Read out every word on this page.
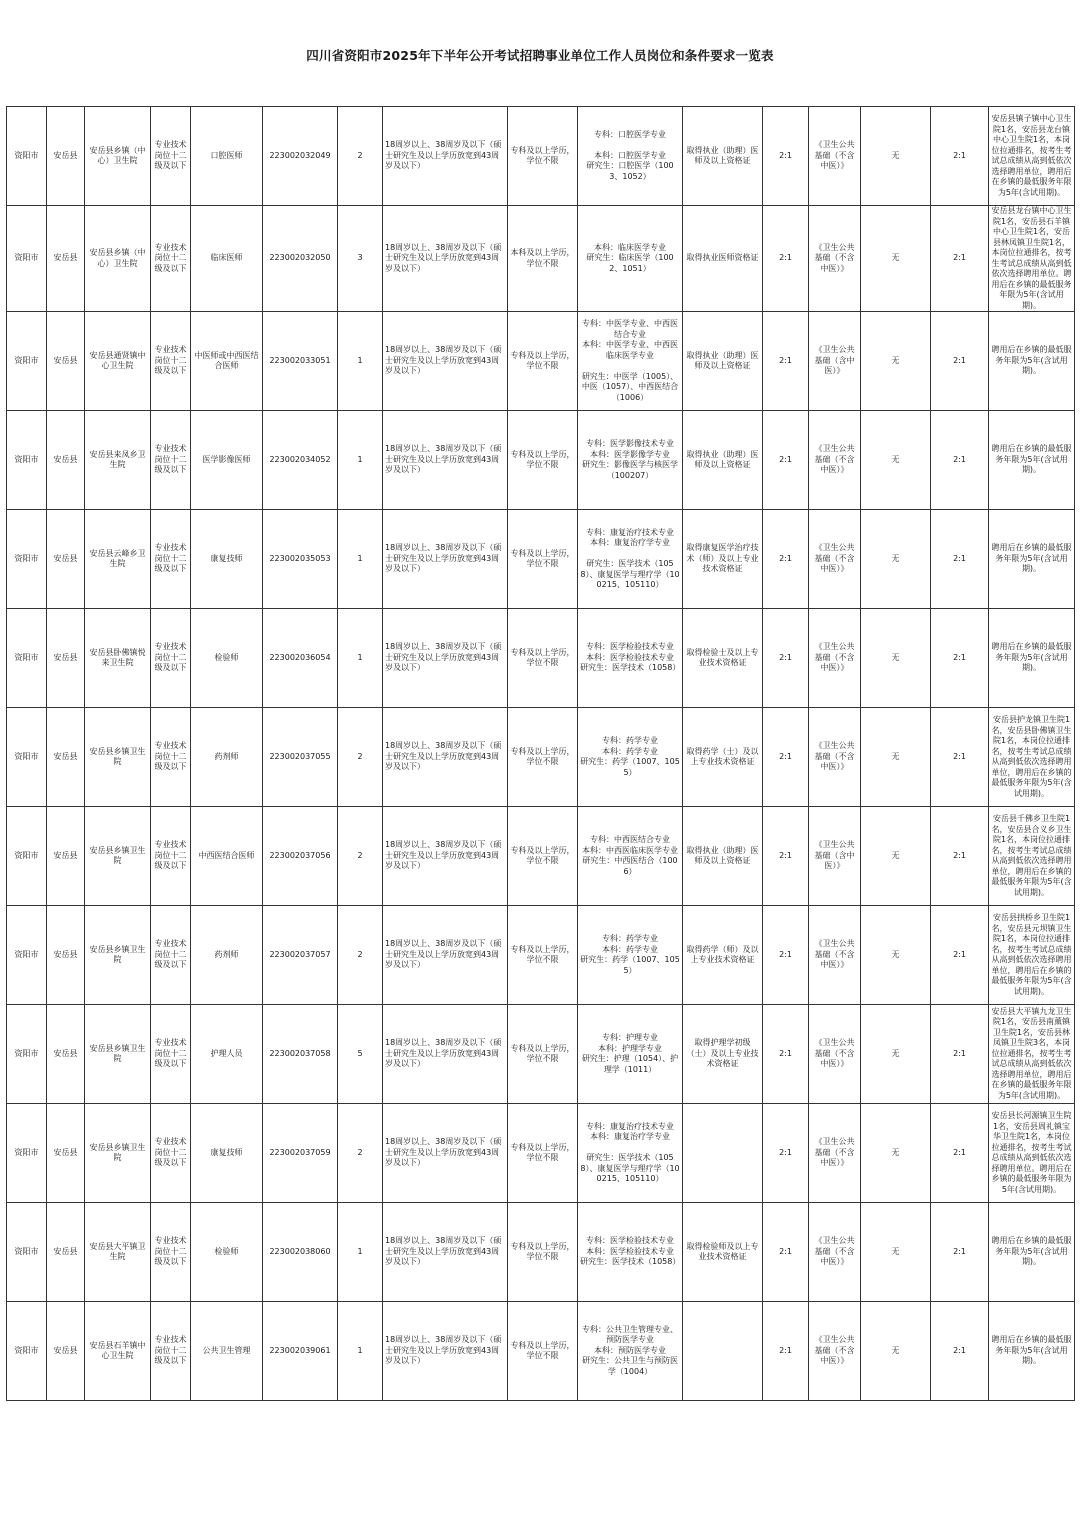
四川省资阳市2025年下半年公开考试招聘事业单位工作人员岗位和条件要求一览表
资阳市	安岳县	安岳县乡镇（中心）卫生院	专业技术岗位十二级及以下	口腔医师	223002032049	2	18周岁以上、38周岁及以下（硕士研究生及以上学历放宽到43周岁及以下）	专科及以上学历，学位不限	专科：口腔医学专业

本科：口腔医学专业
研究生：口腔医学（1003、1052）	取得执业（助理）医师及以上资格证	2:1	《卫生公共基础（不含中医）》	无	2:1	安岳县镇子镇中心卫生院1名，安岳县龙台镇中心卫生院1名，本岗位拉通排名，按考生考试总成绩从高到低依次选择聘用单位，聘用后在乡镇的最低服务年限为5年(含试用期)。
资阳市	安岳县	安岳县乡镇（中心）卫生院	专业技术岗位十二级及以下	临床医师	223002032050	3	18周岁以上、38周岁及以下（硕士研究生及以上学历放宽到43周岁及以下）	本科及以上学历，学位不限	本科：临床医学专业
研究生：临床医学（1002、1051）	取得执业医师资格证	2:1	《卫生公共基础（不含中医）》	无	2:1	安岳县龙台镇中心卫生院1名，安岳县石羊镇中心卫生院1名，安岳县林凤镇卫生院1名，本岗位拉通排名，按考生考试总成绩从高到低依次选择聘用单位。聘用后在乡镇的最低服务年限为5年(含试用期)。
资阳市	安岳县	安岳县通贤镇中心卫生院	专业技术岗位十二级及以下	中医师或中西医结合医师	223002033051	1	18周岁以上、38周岁及以下（硕士研究生及以上学历放宽到43周岁及以下）	专科及以上学历，学位不限	专科：中医学专业、中西医结合专业
本科：中医学专业、中西医临床医学专业

研究生：中医学（1005）、中医（1057）、中西医结合（1006）	取得执业（助理）医师及以上资格证	2:1	《卫生公共基础（含中医）》	无	2:1	聘用后在乡镇的最低服务年限为5年(含试用期)。
资阳市	安岳县	安岳县来凤乡卫生院	专业技术岗位十二级及以下	医学影像医师	223002034052	1	18周岁以上、38周岁及以下（硕士研究生及以上学历放宽到43周岁及以下）	专科及以上学历，学位不限	专科：医学影像技术专业
本科：医学影像学专业
研究生：影像医学与核医学（100207）	取得执业（助理）医师及以上资格证	2:1	《卫生公共基础（不含中医）》	无	2:1	聘用后在乡镇的最低服务年限为5年(含试用期)。
资阳市	安岳县	安岳县云峰乡卫生院	专业技术岗位十二级及以下	康复技师	223002035053	1	18周岁以上、38周岁及以下（硕士研究生及以上学历放宽到43周岁及以下）	专科及以上学历，学位不限	专科：康复治疗技术专业
本科：康复治疗学专业

研究生：医学技术（1058）、康复医学与理疗学（100215、105110）	取得康复医学治疗技术（师）及以上专业技术资格证	2:1	《卫生公共基础（不含中医）》	无	2:1	聘用后在乡镇的最低服务年限为5年(含试用期)。
资阳市	安岳县	安岳县卧佛镇悦来卫生院	专业技术岗位十二级及以下	检验师	223002036054	1	18周岁以上、38周岁及以下（硕士研究生及以上学历放宽到43周岁及以下）	专科及以上学历，学位不限	专科：医学检验技术专业
本科：医学检验技术专业
研究生：医学技术（1058）	取得检验士及以上专业技术资格证	2:1	《卫生公共基础（不含中医）》	无	2:1	聘用后在乡镇的最低服务年限为5年(含试用期)。
资阳市	安岳县	安岳县乡镇卫生院	专业技术岗位十二级及以下	药剂师	223002037055	2	18周岁以上、38周岁及以下（硕士研究生及以上学历放宽到43周岁及以下）	专科及以上学历，学位不限	专科：药学专业
本科：药学专业
研究生：药学（1007、1055）	取得药学（士）及以上专业技术资格证	2:1	《卫生公共基础（不含中医）》	无	2:1	安岳县护龙镇卫生院1名，安岳县卧佛镇卫生院1名，本岗位拉通排名，按考生考试总成绩从高到低依次选择聘用单位，聘用后在乡镇的最低服务年限为5年(含试用期)。
资阳市	安岳县	安岳县乡镇卫生院	专业技术岗位十二级及以下	中西医结合医师	223002037056	2	18周岁以上、38周岁及以下（硕士研究生及以上学历放宽到43周岁及以下）	专科及以上学历，学位不限	专科：中西医结合专业
本科：中西医临床医学专业
研究生：中西医结合（1006）	取得执业（助理）医师及以上资格证	2:1	《卫生公共基础（含中医）》	无	2:1	安岳县千佛乡卫生院1名，安岳县合义乡卫生院1名，本岗位拉通排名，按考生考试总成绩从高到低依次选择聘用单位，聘用后在乡镇的最低服务年限为5年(含试用期)。
资阳市	安岳县	安岳县乡镇卫生院	专业技术岗位十二级及以下	药剂师	223002037057	2	18周岁以上、38周岁及以下（硕士研究生及以上学历放宽到43周岁及以下）	专科及以上学历，学位不限	专科：药学专业
本科：药学专业
研究生：药学（1007、1055）	取得药学（师）及以上专业技术资格证	2:1	《卫生公共基础（不含中医）》	无	2:1	安岳县拱桥乡卫生院1名，安岳县元坝镇卫生院1名，本岗位拉通排名，按考生考试总成绩从高到低依次选择聘用单位，聘用后在乡镇的最低服务年限为5年(含试用期)。
资阳市	安岳县	安岳县乡镇卫生院	专业技术岗位十二级及以下	护理人员	223002037058	5	18周岁以上、38周岁及以下（硕士研究生及以上学历放宽到43周岁及以下）	专科及以上学历，学位不限	专科：护理专业
本科：护理学专业
研究生：护理（1054）、护理学（1011）	取得护理学初级（士）及以上专业技术资格证	2:1	《卫生公共基础（不含中医）》	无	2:1	安岳县大平镇九龙卫生院1名，安岳县南薰镇卫生院1名，安岳县林凤镇卫生院3名，本岗位拉通排名，按考生考试总成绩从高到低依次选择聘用单位，聘用后在乡镇的最低服务年限为5年(含试用期)。
资阳市	安岳县	安岳县乡镇卫生院	专业技术岗位十二级及以下	康复技师	223002037059	2	18周岁以上、38周岁及以下（硕士研究生及以上学历放宽到43周岁及以下）	专科及以上学历，学位不限	专科：康复治疗技术专业
本科：康复治疗学专业

研究生：医学技术（1058）、康复医学与理疗学（100215、105110）		2:1	《卫生公共基础（不含中医）》	无	2:1	安岳县长河源镇卫生院1名，安岳县周礼镇宝华卫生院1名，本岗位拉通排名，按考生考试总成绩从高到低依次选择聘用单位。聘用后在乡镇的最低服务年限为5年(含试用期)。
资阳市	安岳县	安岳县大平镇卫生院	专业技术岗位十二级及以下	检验师	223002038060	1	18周岁以上、38周岁及以下（硕士研究生及以上学历放宽到43周岁及以下）	专科及以上学历，学位不限	专科：医学检验技术专业
本科：医学检验技术专业
研究生：医学技术（1058）	取得检验师及以上专业技术资格证	2:1	《卫生公共基础（不含中医）》	无	2:1	聘用后在乡镇的最低服务年限为5年(含试用期)。
资阳市	安岳县	安岳县石羊镇中心卫生院	专业技术岗位十二级及以下	公共卫生管理	223002039061	1	18周岁以上、38周岁及以下（硕士研究生及以上学历放宽到43周岁及以下）	专科及以上学历，学位不限	专科：公共卫生管理专业、预防医学专业
本科：预防医学专业
研究生：公共卫生与预防医学（1004）		2:1	《卫生公共基础（不含中医）》	无	2:1	聘用后在乡镇的最低服务年限为5年(含试用期)。
